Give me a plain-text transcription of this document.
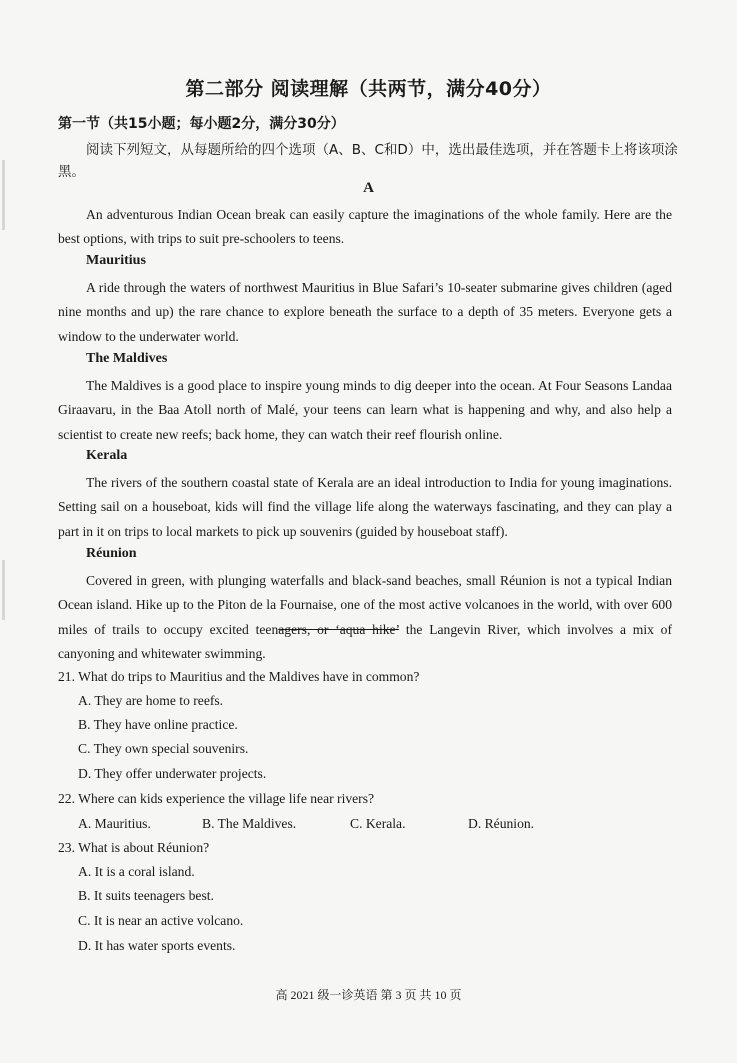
第二部分 阅读理解（共两节，满分40分）
第一节（共15小题；每小题2分，满分30分）
阅读下列短文，从每题所给的四个选项（A、B、C和D）中，选出最佳选项，并在答题卡上将该项涂黑。
A
An adventurous Indian Ocean break can easily capture the imaginations of the whole family. Here are the best options, with trips to suit pre-schoolers to teens.
Mauritius
A ride through the waters of northwest Mauritius in Blue Safari’s 10-seater submarine gives children (aged nine months and up) the rare chance to explore beneath the surface to a depth of 35 meters. Everyone gets a window to the underwater world.
The Maldives
The Maldives is a good place to inspire young minds to dig deeper into the ocean. At Four Seasons Landaa Giraavaru, in the Baa Atoll north of Malé, your teens can learn what is happening and why, and also help a scientist to create new reefs; back home, they can watch their reef flourish online.
Kerala
The rivers of the southern coastal state of Kerala are an ideal introduction to India for young imaginations. Setting sail on a houseboat, kids will find the village life along the waterways fascinating, and they can play a part in it on trips to local markets to pick up souvenirs (guided by houseboat staff).
Réunion
Covered in green, with plunging waterfalls and black-sand beaches, small Réunion is not a typical Indian Ocean island. Hike up to the Piton de la Fournaise, one of the most active volcanoes in the world, with over 600 miles of trails to occupy excited teenagers, or ‘aqua hike’ the Langevin River, which involves a mix of canyoning and whitewater swimming.
21. What do trips to Mauritius and the Maldives have in common?
A. They are home to reefs.
B. They have online practice.
C. They own special souvenirs.
D. They offer underwater projects.
22. Where can kids experience the village life near rivers?
A. Mauritius.	B. The Maldives.	C. Kerala.	D. Réunion.
23. What is about Réunion?
A. It is a coral island.
B. It suits teenagers best.
C. It is near an active volcano.
D. It has water sports events.
高 2021 级一诊英语 第 3 页 共 10 页
